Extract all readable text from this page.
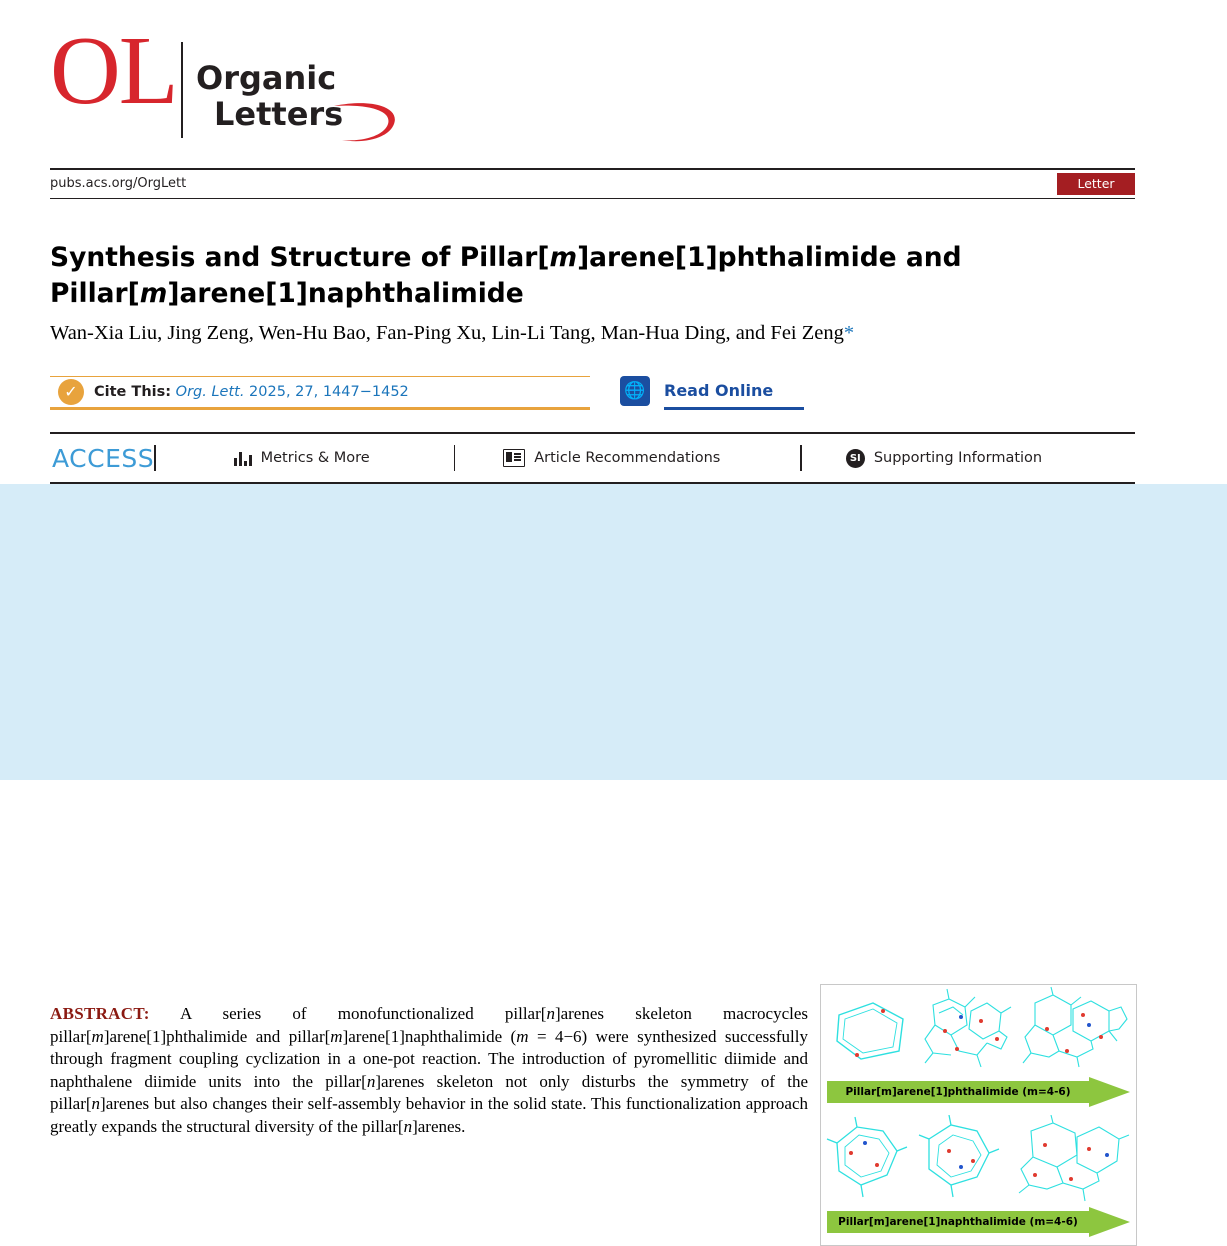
OL Organic
Letters
pubs.acs.org/OrgLett	Letter
Synthesis and Structure of Pillar[m]arene[1]phthalimide and
Pillar[m]arene[1]naphthalimide
Wan-Xia Liu, Jing Zeng, Wen-Hu Bao, Fan-Ping Xu, Lin-Li Tang, Man-Hua Ding, and Fei Zeng*
✓	Cite This: Org. Lett. 2025, 27, 1447−1452	🌐 Read Online
ACCESS	Metrics & More	Article Recommendations	SI Supporting Information

ABSTRACT: A series of monofunctionalized pillar[n]arenes skeleton macrocycles pillar[m]arene[1]phthalimide and pillar[m]arene[1]naphthalimide (m = 4−6) were synthesized successfully through fragment coupling cyclization in a one-pot reaction. The introduction of pyromellitic diimide and naphthalene diimide units into the pillar[n]arenes skeleton not only disturbs the symmetry of the pillar[n]arenes but also changes their self-assembly behavior in the solid state. This functionalization approach greatly expands the structural diversity of the pillar[n]arenes.

Pillar[m]arene[1]phthalimide (m=4-6)
Pillar[m]arene[1]naphthalimide (m=4-6)
